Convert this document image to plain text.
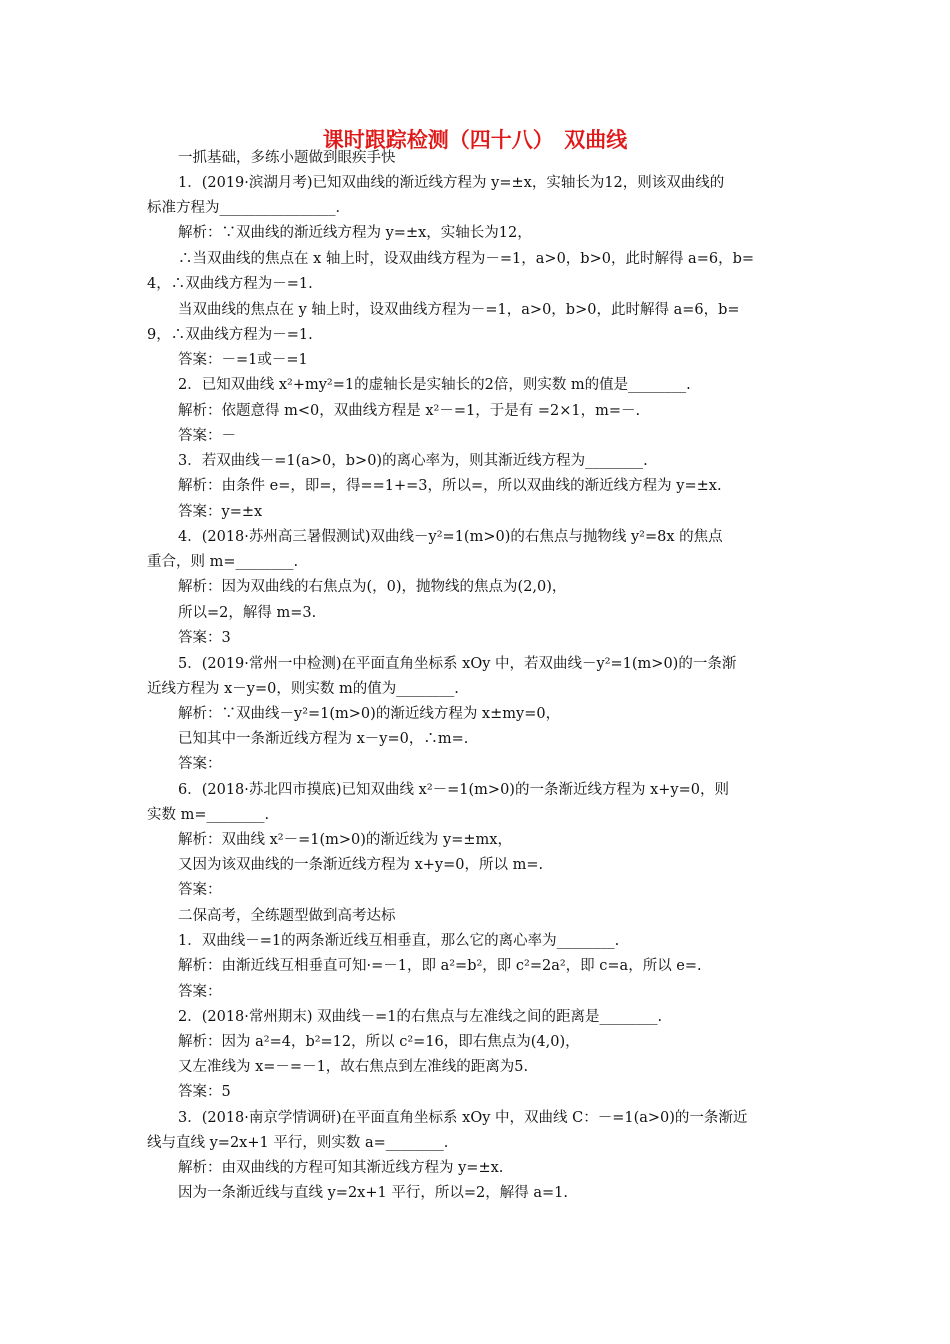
课时跟踪检测（四十八）　双曲线
一抓基础，多练小题做到眼疾手快
1．(2019·滨湖月考)已知双曲线的渐近线方程为 y=±x，实轴长为12，则该双曲线的
标准方程为________________．
解析：∵双曲线的渐近线方程为 y=±x，实轴长为12，
∴当双曲线的焦点在 x 轴上时，设双曲线方程为－=1，a>0，b>0，此时解得 a=6，b=
4，∴双曲线方程为－=1.
当双曲线的焦点在 y 轴上时，设双曲线方程为－=1，a>0，b>0，此时解得 a=6，b=
9，∴双曲线方程为－=1.
答案：－=1或－=1
2．已知双曲线 x²+my²=1的虚轴长是实轴长的2倍，则实数 m的值是________.
解析：依题意得 m<0，双曲线方程是 x²－=1，于是有 =2×1，m=－.
答案：－
3．若双曲线－=1(a>0，b>0)的离心率为，则其渐近线方程为________.
解析：由条件 e=，即=，得==1+=3，所以=，所以双曲线的渐近线方程为 y=±x.
答案：y=±x
4．(2018·苏州高三暑假测试)双曲线－y²=1(m>0)的右焦点与抛物线 y²=8x 的焦点
重合，则 m=________.
解析：因为双曲线的右焦点为(，0)，抛物线的焦点为(2,0)，
所以=2，解得 m=3.
答案：3
5．(2019·常州一中检测)在平面直角坐标系 xOy 中，若双曲线－y²=1(m>0)的一条渐
近线方程为 x－y=0，则实数 m的值为________.
解析：∵双曲线－y²=1(m>0)的渐近线方程为 x±my=0，
已知其中一条渐近线方程为 x－y=0，∴m=.
答案：
6．(2018·苏北四市摸底)已知双曲线 x²－=1(m>0)的一条渐近线方程为 x+y=0，则
实数 m=________.
解析：双曲线 x²－=1(m>0)的渐近线为 y=±mx，
又因为该双曲线的一条渐近线方程为 x+y=0，所以 m=.
答案：
二保高考，全练题型做到高考达标
1．双曲线－=1的两条渐近线互相垂直，那么它的离心率为________.
解析：由渐近线互相垂直可知·=－1，即 a²=b²，即 c²=2a²，即 c=a，所以 e=.
答案：
2．(2018·常州期末) 双曲线－=1的右焦点与左准线之间的距离是________.
解析：因为 a²=4，b²=12，所以 c²=16，即右焦点为(4,0)，
又左准线为 x=－=－1，故右焦点到左准线的距离为5.
答案：5
3．(2018·南京学情调研)在平面直角坐标系 xOy 中，双曲线 C：－=1(a>0)的一条渐近
线与直线 y=2x+1 平行，则实数 a=________.
解析：由双曲线的方程可知其渐近线方程为 y=±x.
因为一条渐近线与直线 y=2x+1 平行，所以=2，解得 a=1.
